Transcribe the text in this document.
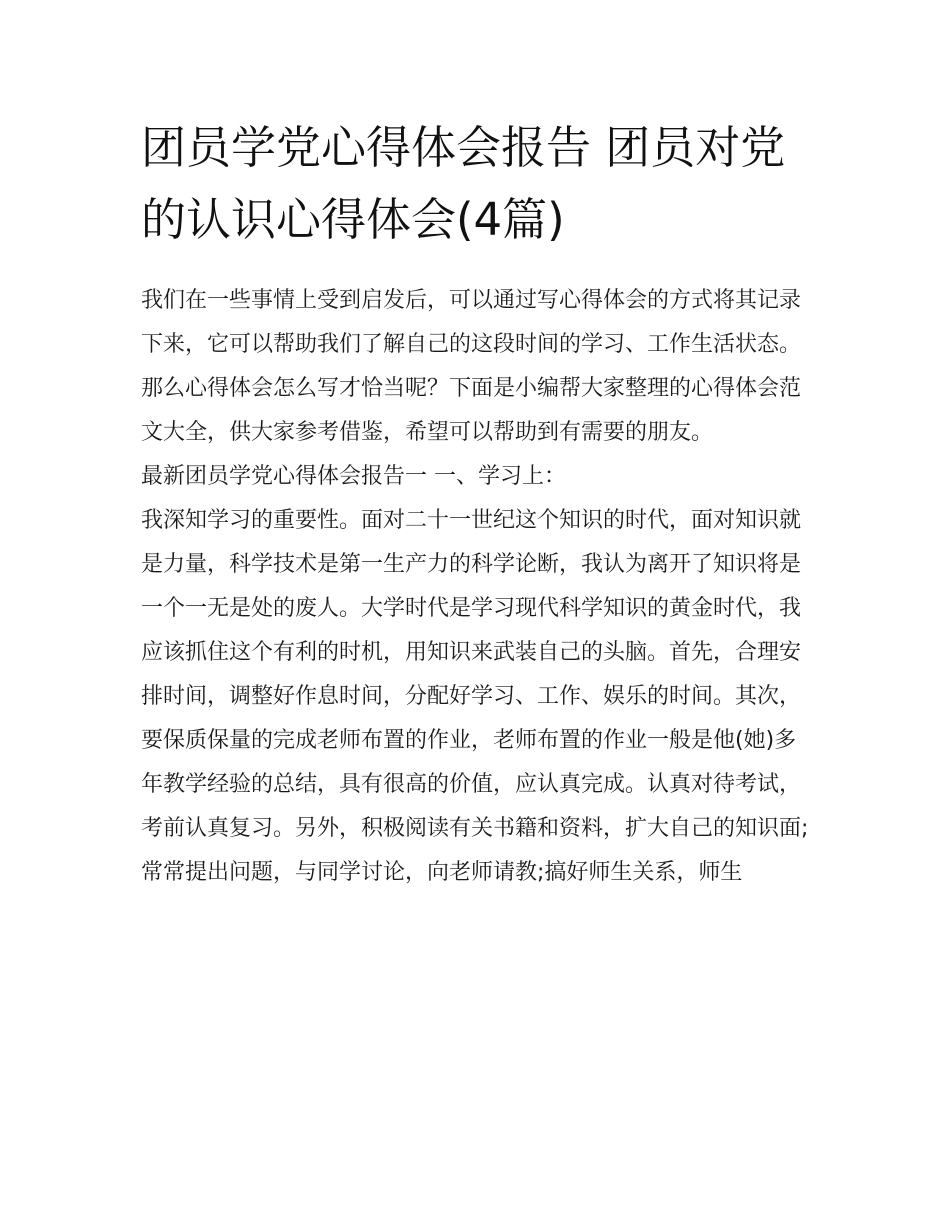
团员学党心得体会报告 团员对党的认识心得体会(4篇)

我们在一些事情上受到启发后，可以通过写心得体会的方式将其记录下来，它可以帮助我们了解自己的这段时间的学习、工作生活状态。那么心得体会怎么写才恰当呢？下面是小编帮大家整理的心得体会范文大全，供大家参考借鉴，希望可以帮助到有需要的朋友。

最新团员学党心得体会报告一 一、学习上：

我深知学习的重要性。面对二十一世纪这个知识的时代，面对知识就是力量，科学技术是第一生产力的科学论断，我认为离开了知识将是一个一无是处的废人。大学时代是学习现代科学知识的黄金时代，我应该抓住这个有利的时机，用知识来武装自己的头脑。首先，合理安排时间，调整好作息时间，分配好学习、工作、娱乐的时间。其次，要保质保量的完成老师布置的作业，老师布置的作业一般是他(她)多年教学经验的总结，具有很高的价值，应认真完成。认真对待考试，考前认真复习。另外，积极阅读有关书籍和资料，扩大自己的知识面;常常提出问题，与同学讨论，向老师请教;搞好师生关系，师生
